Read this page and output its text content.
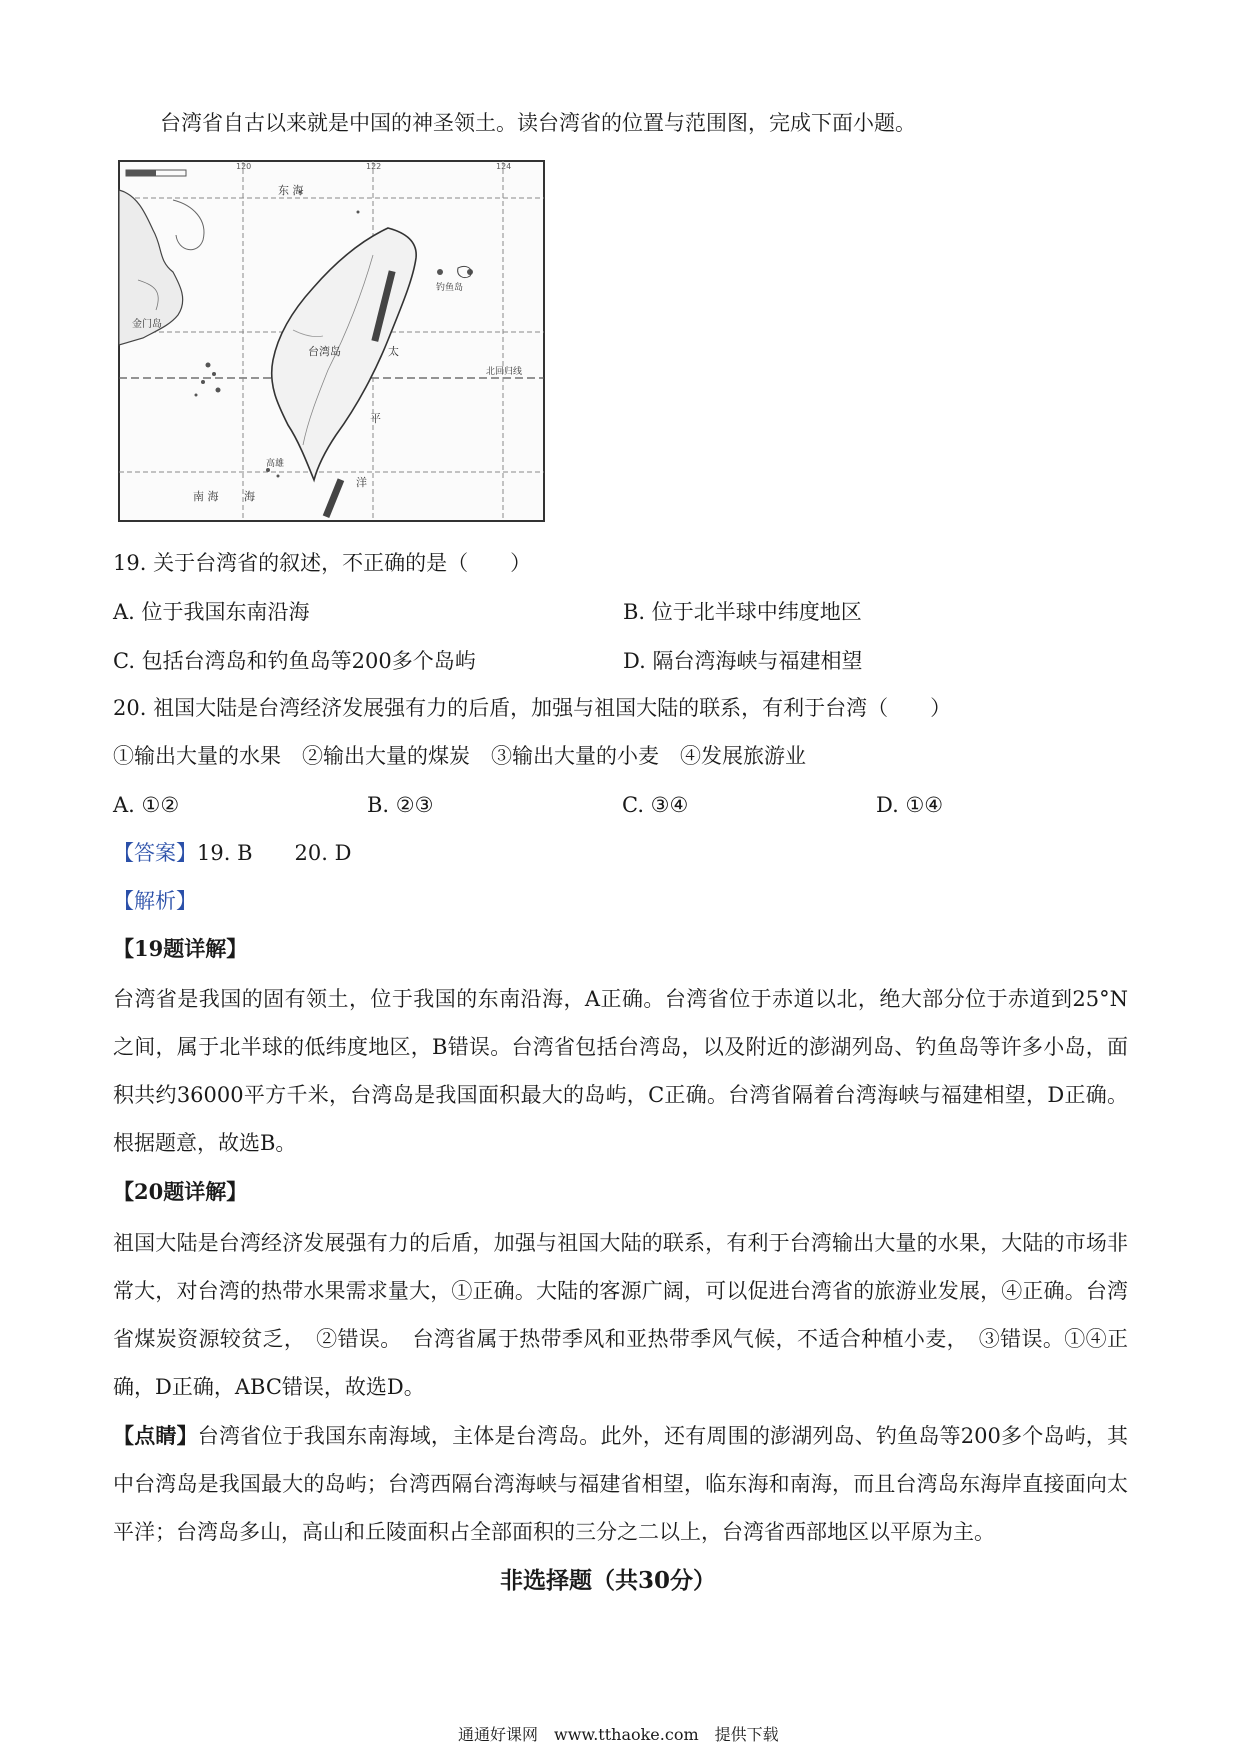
台湾省自古以来就是中国的神圣领土。读台湾省的位置与范围图，完成下面小题。
东 海
台湾岛	太
平
洋
金门岛
南 海 海
北回归线
高雄
钓鱼岛
120	122	124
19. 关于台湾省的叙述，不正确的是（　　）
A. 位于我国东南沿海	B. 位于北半球中纬度地区
C. 包括台湾岛和钓鱼岛等200多个岛屿	D. 隔台湾海峡与福建相望
20. 祖国大陆是台湾经济发展强有力的后盾，加强与祖国大陆的联系，有利于台湾（　　）
①输出大量的水果　②输出大量的煤炭　③输出大量的小麦　④发展旅游业
A. ①②	B. ②③	C. ③④	D. ①④
【答案】19. B　　20. D
【解析】
【19题详解】
台湾省是我国的固有领土，位于我国的东南沿海，A正确。台湾省位于赤道以北，绝大部分位于赤道到25°N之间，属于北半球的低纬度地区，B错误。台湾省包括台湾岛，以及附近的澎湖列岛、钓鱼岛等许多小岛，面积共约36000平方千米，台湾岛是我国面积最大的岛屿，C正确。台湾省隔着台湾海峡与福建相望，D正确。根据题意，故选B。
【20题详解】
祖国大陆是台湾经济发展强有力的后盾，加强与祖国大陆的联系，有利于台湾输出大量的水果，大陆的市场非常大，对台湾的热带水果需求量大，①正确。大陆的客源广阔，可以促进台湾省的旅游业发展，④正确。台湾省煤炭资源较贫乏，　②错误。　台湾省属于热带季风和亚热带季风气候，不适合种植小麦，　③错误。①④正确，D正确，ABC错误，故选D。
【点睛】台湾省位于我国东南海域，主体是台湾岛。此外，还有周围的澎湖列岛、钓鱼岛等200多个岛屿，其中台湾岛是我国最大的岛屿；台湾西隔台湾海峡与福建省相望，临东海和南海，而且台湾岛东海岸直接面向太平洋；台湾岛多山，高山和丘陵面积占全部面积的三分之二以上，台湾省西部地区以平原为主。
非选择题（共30分）
通通好课网　www.tthaoke.com　提供下载
